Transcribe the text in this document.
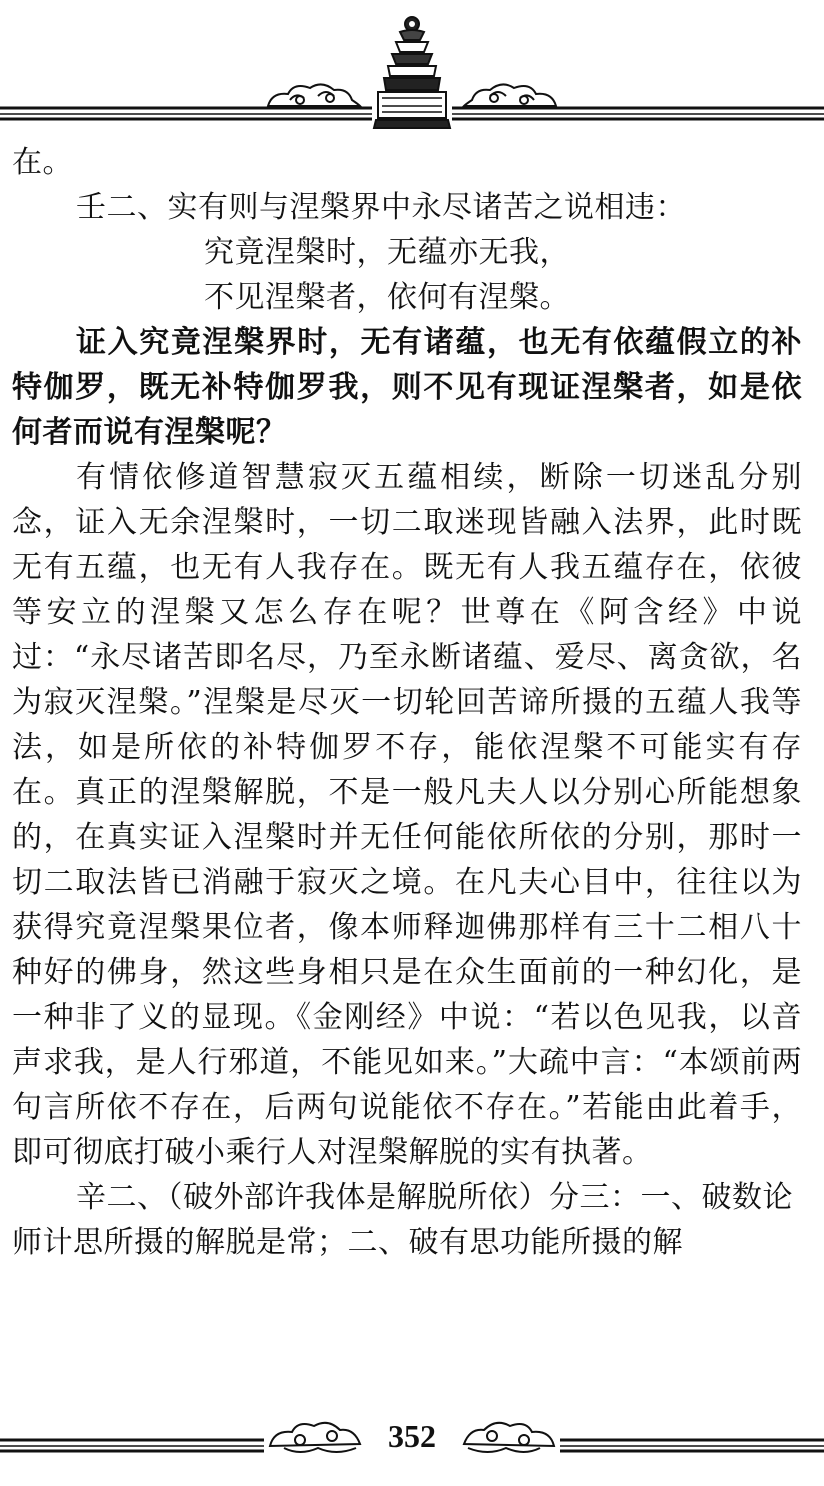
在。

壬二、实有则与涅槃界中永尽诸苦之说相违：

究竟涅槃时，无蕴亦无我，

不见涅槃者，依何有涅槃。

证入究竟涅槃界时，无有诸蕴，也无有依蕴假立的补特伽罗，既无补特伽罗我，则不见有现证涅槃者，如是依何者而说有涅槃呢？

有情依修道智慧寂灭五蕴相续，断除一切迷乱分别念，证入无余涅槃时，一切二取迷现皆融入法界，此时既无有五蕴，也无有人我存在。既无有人我五蕴存在，依彼等安立的涅槃又怎么存在呢？世尊在《阿含经》中说过：“永尽诸苦即名尽，乃至永断诸蕴、爱尽、离贪欲，名为寂灭涅槃。”涅槃是尽灭一切轮回苦谛所摄的五蕴人我等法，如是所依的补特伽罗不存，能依涅槃不可能实有存在。真正的涅槃解脱，不是一般凡夫人以分别心所能想象的，在真实证入涅槃时并无任何能依所依的分别，那时一切二取法皆已消融于寂灭之境。在凡夫心目中，往往以为获得究竟涅槃果位者，像本师释迦佛那样有三十二相八十种好的佛身，然这些身相只是在众生面前的一种幻化，是一种非了义的显现。《金刚经》中说：“若以色见我，以音声求我，是人行邪道，不能见如来。”大疏中言：“本颂前两句言所依不存在，后两句说能依不存在。”若能由此着手，即可彻底打破小乘行人对涅槃解脱的实有执著。

辛二、（破外部许我体是解脱所依）分三：一、破数论师计思所摄的解脱是常；二、破有思功能所摄的解

352
